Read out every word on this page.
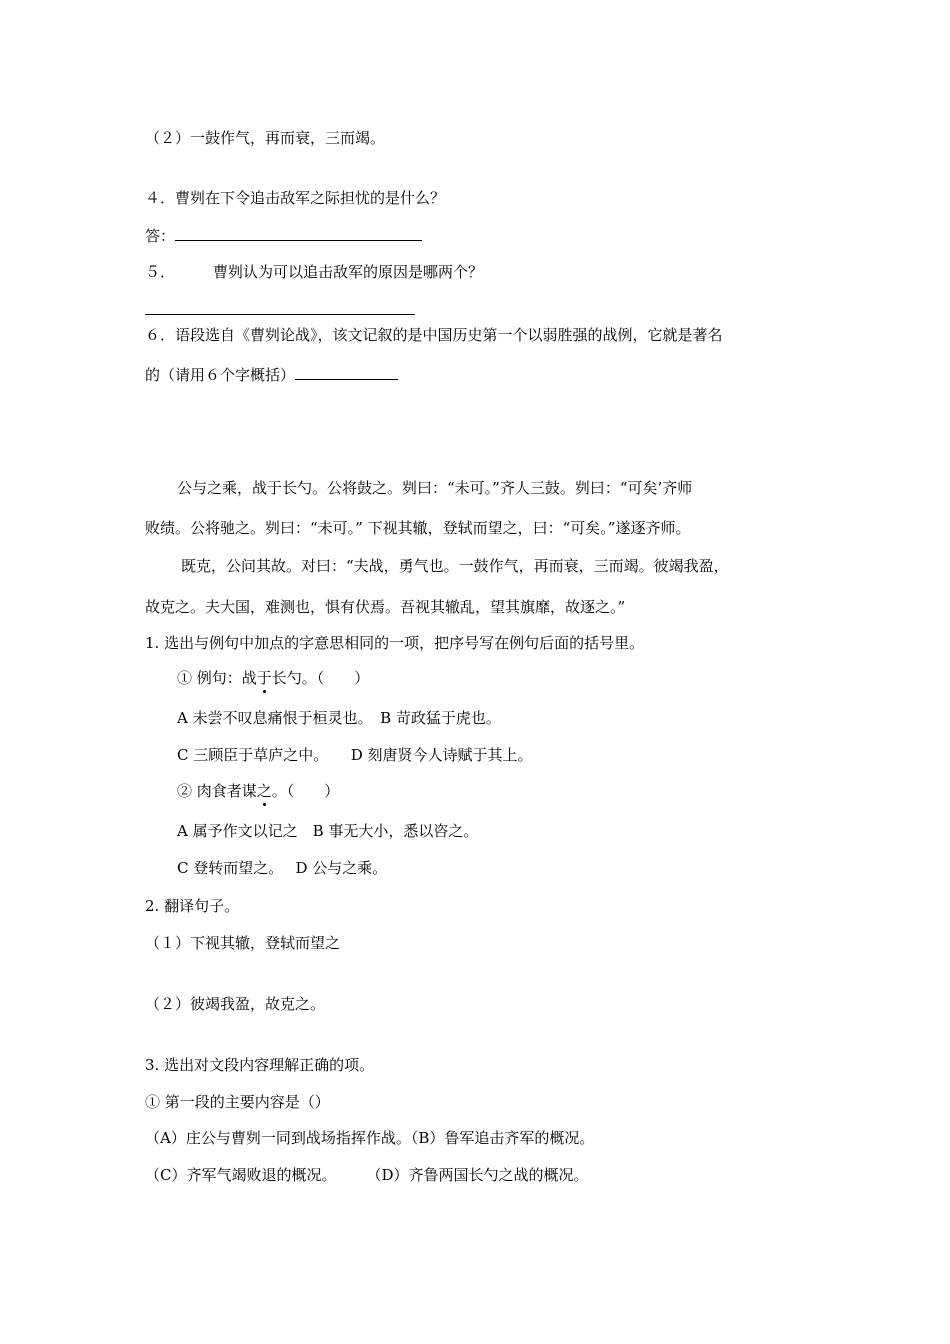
（２）一鼓作气，再而衰，三而竭。
４．曹刿在下令追击敌军之际担忧的是什么？
答：
５．	曹刿认为可以追击敌军的原因是哪两个？
６．语段选自《曹刿论战》，该文记叙的是中国历史第一个以弱胜强的战例，它就是著名
的（请用６个字概括）
公与之乘，战于长勺。公将鼓之。刿曰：“未可。”齐人三鼓。刿曰：“可矣’齐师
败绩。公将驰之。刿曰：“未可。” 下视其辙，登轼而望之，曰：“可矣。”遂逐齐师。
既克，公问其故。对曰：“夫战，勇气也。一鼓作气，再而衰，三而竭。彼竭我盈，
故克之。夫大国，难测也，惧有伏焉。吾视其辙乱，望其旗靡，故逐之。”
1. 选出与例句中加点的字意思相同的一项，把序号写在例句后面的括号里。
① 例句：战于长勺。（　　）
A 未尝不叹息痛恨于桓灵也。　B 苛政猛于虎也。
C 三顾臣于草庐之中。　　D 刻唐贤今人诗赋于其上。
② 肉食者谋之。（　　）
A 属予作文以记之　B 事无大小，悉以咨之。
C 登转而望之。　 D 公与之乘。
2. 翻译句子。
（１）下视其辙，登轼而望之
（２）彼竭我盈，故克之。
3. 选出对文段内容理解正确的项。
① 第一段的主要内容是（）
（A）庄公与曹刿一同到战场指挥作战。（B）鲁军追击齐军的概况。
（C）齐军气竭败退的概况。　　　（D）齐鲁两国长勺之战的概况。
